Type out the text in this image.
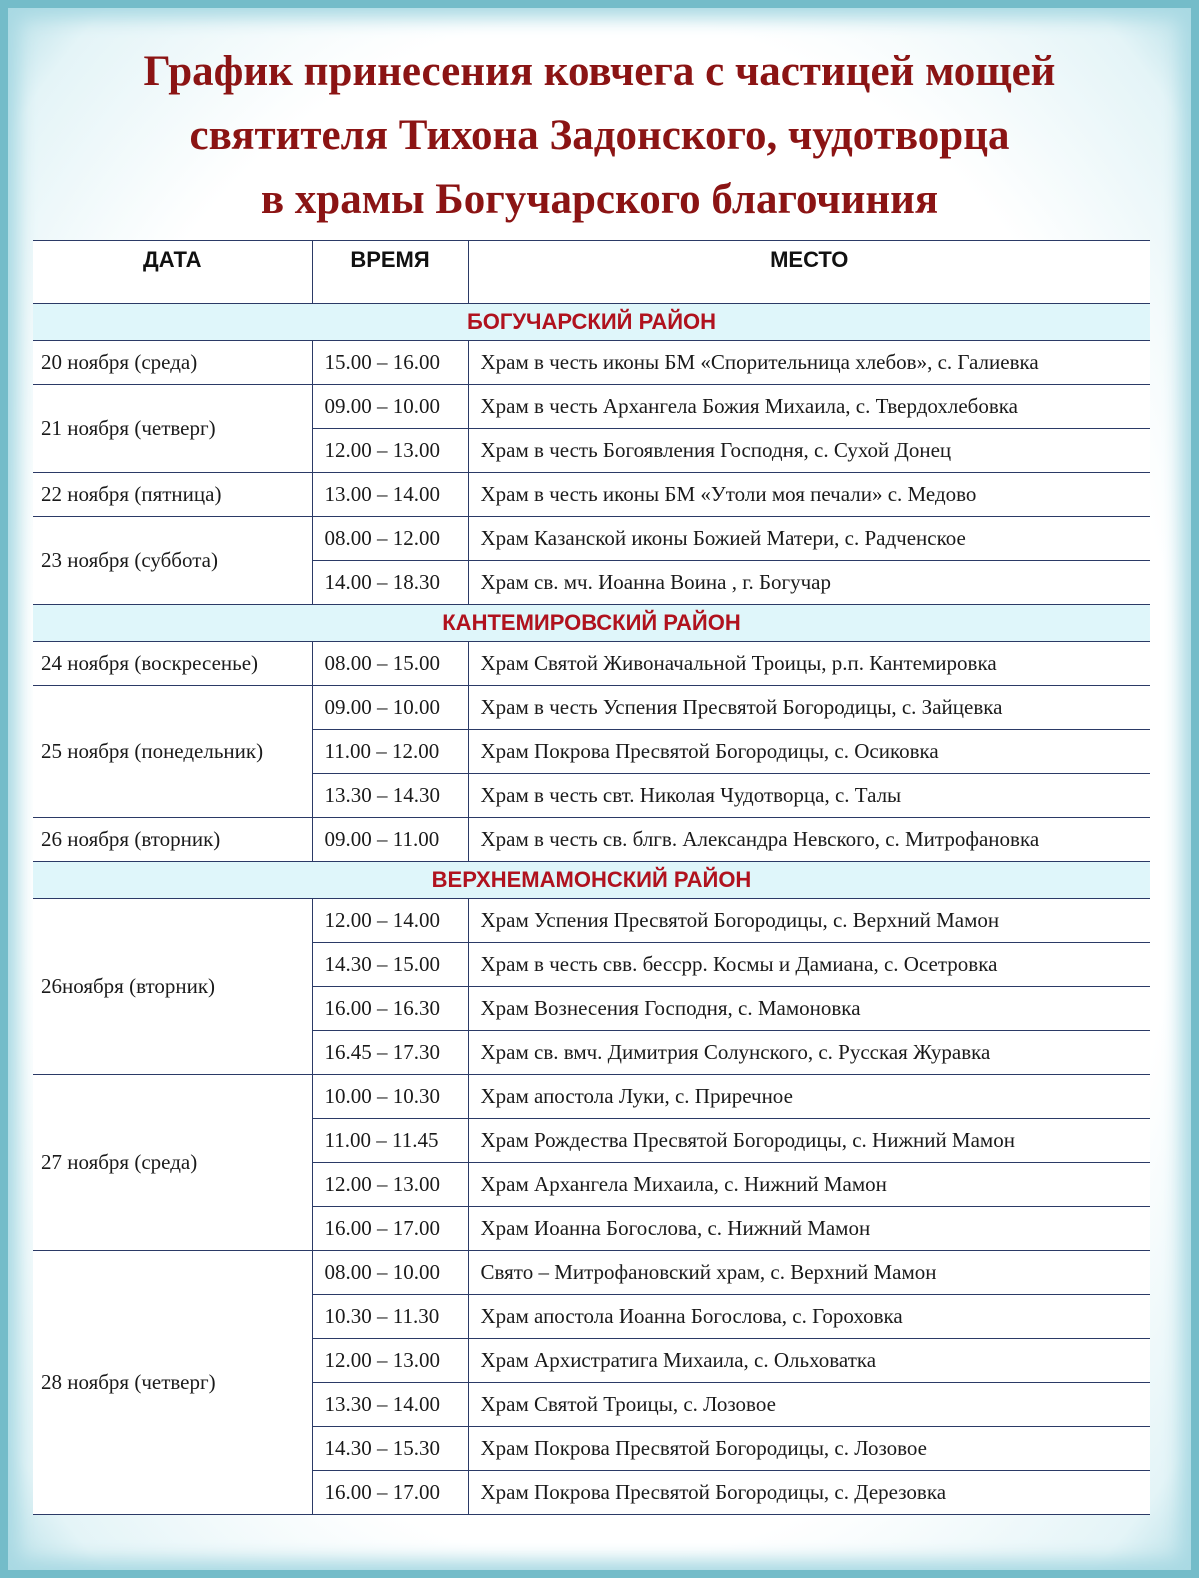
График принесения ковчега с частицей мощей
святителя Тихона Задонского, чудотворца
в храмы Богучарского благочиния
ДАТА	ВРЕМЯ	МЕСТО
БОГУЧАРСКИЙ РАЙОН		
20 ноября (среда)	15.00 – 16.00	Храм в честь иконы БМ «Спорительница хлебов», с. Галиевка
21 ноября (четверг)	09.00 – 10.00	Храм в честь Архангела Божия Михаила, с. Твердохлебовка
	12.00 – 13.00	Храм в честь Богоявления Господня, с. Сухой Донец
22 ноября (пятница)	13.00 – 14.00	Храм в честь иконы БМ «Утоли моя печали» с. Медово
23 ноября (суббота)	08.00 – 12.00	Храм Казанской иконы Божией Матери, с. Радченское
	14.00 – 18.30	Храм св. мч. Иоанна Воина , г. Богучар
КАНТЕМИРОВСКИЙ РАЙОН		
24 ноября (воскресенье)	08.00 – 15.00	Храм Святой Живоначальной Троицы, р.п. Кантемировка
25 ноября (понедельник)	09.00 – 10.00	Храм в честь Успения Пресвятой Богородицы, с. Зайцевка
	11.00 – 12.00	Храм Покрова Пресвятой Богородицы, с. Осиковка
	13.30 – 14.30	Храм в честь свт. Николая Чудотворца, с. Талы
26 ноября (вторник)	09.00 – 11.00	Храм в честь св. блгв. Александра Невского, с. Митрофановка
ВЕРХНЕМАМОНСКИЙ РАЙОН		
26ноября (вторник)	12.00 – 14.00	Храм Успения Пресвятой Богородицы, с. Верхний Мамон
	14.30 – 15.00	Храм в честь свв. бессрр. Космы и Дамиана, с. Осетровка
	16.00 – 16.30	Храм Вознесения Господня, с. Мамоновка
	16.45 – 17.30	Храм св. вмч. Димитрия Солунского, с. Русская Журавка
27 ноября (среда)	10.00 – 10.30	Храм апостола Луки, с. Приречное
	11.00 – 11.45	Храм Рождества Пресвятой Богородицы, с. Нижний Мамон
	12.00 – 13.00	Храм Архангела Михаила, с. Нижний Мамон
	16.00 – 17.00	Храм Иоанна Богослова, с. Нижний Мамон
28 ноября (четверг)	08.00 – 10.00	Свято – Митрофановский храм, с. Верхний Мамон
	10.30 – 11.30	Храм апостола Иоанна Богослова, с. Гороховка
	12.00 – 13.00	Храм Архистратига Михаила, с. Ольховатка
	13.30 – 14.00	Храм Святой Троицы, с. Лозовое
	14.30 – 15.30	Храм Покрова Пресвятой Богородицы, с. Лозовое
	16.00 – 17.00	Храм Покрова Пресвятой Богородицы, с. Дерезовка
